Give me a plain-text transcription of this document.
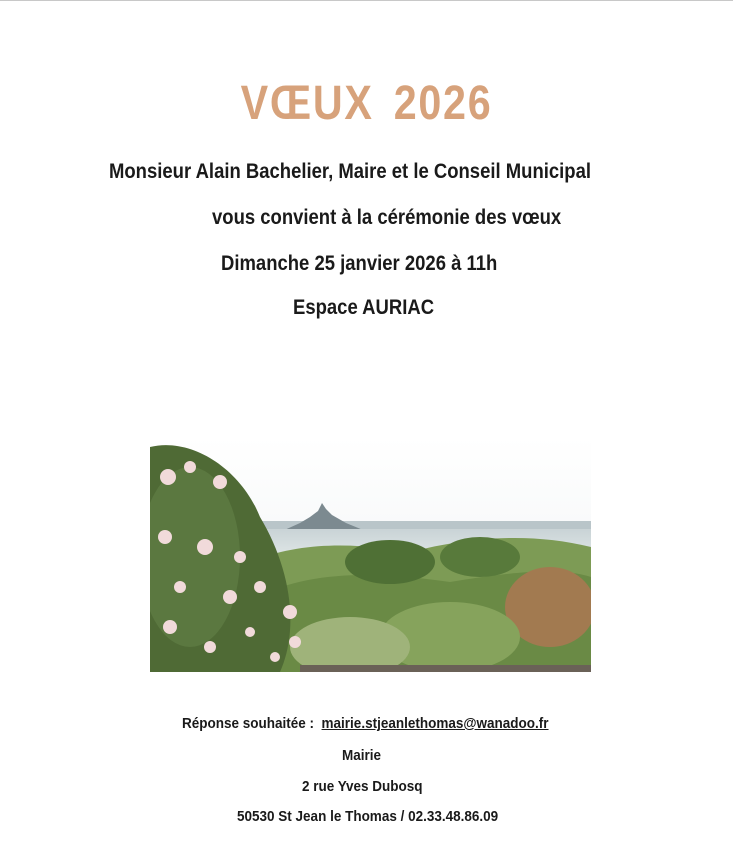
VŒUX 2026
Monsieur Alain Bachelier, Maire et le Conseil Municipal
vous convient à la cérémonie des vœux
Dimanche 25 janvier 2026 à 11h
Espace AURIAC
Réponse souhaitée : mairie.stjeanlethomas@wanadoo.fr
Mairie
2 rue Yves Dubosq
50530 St Jean le Thomas / 02.33.48.86.09
